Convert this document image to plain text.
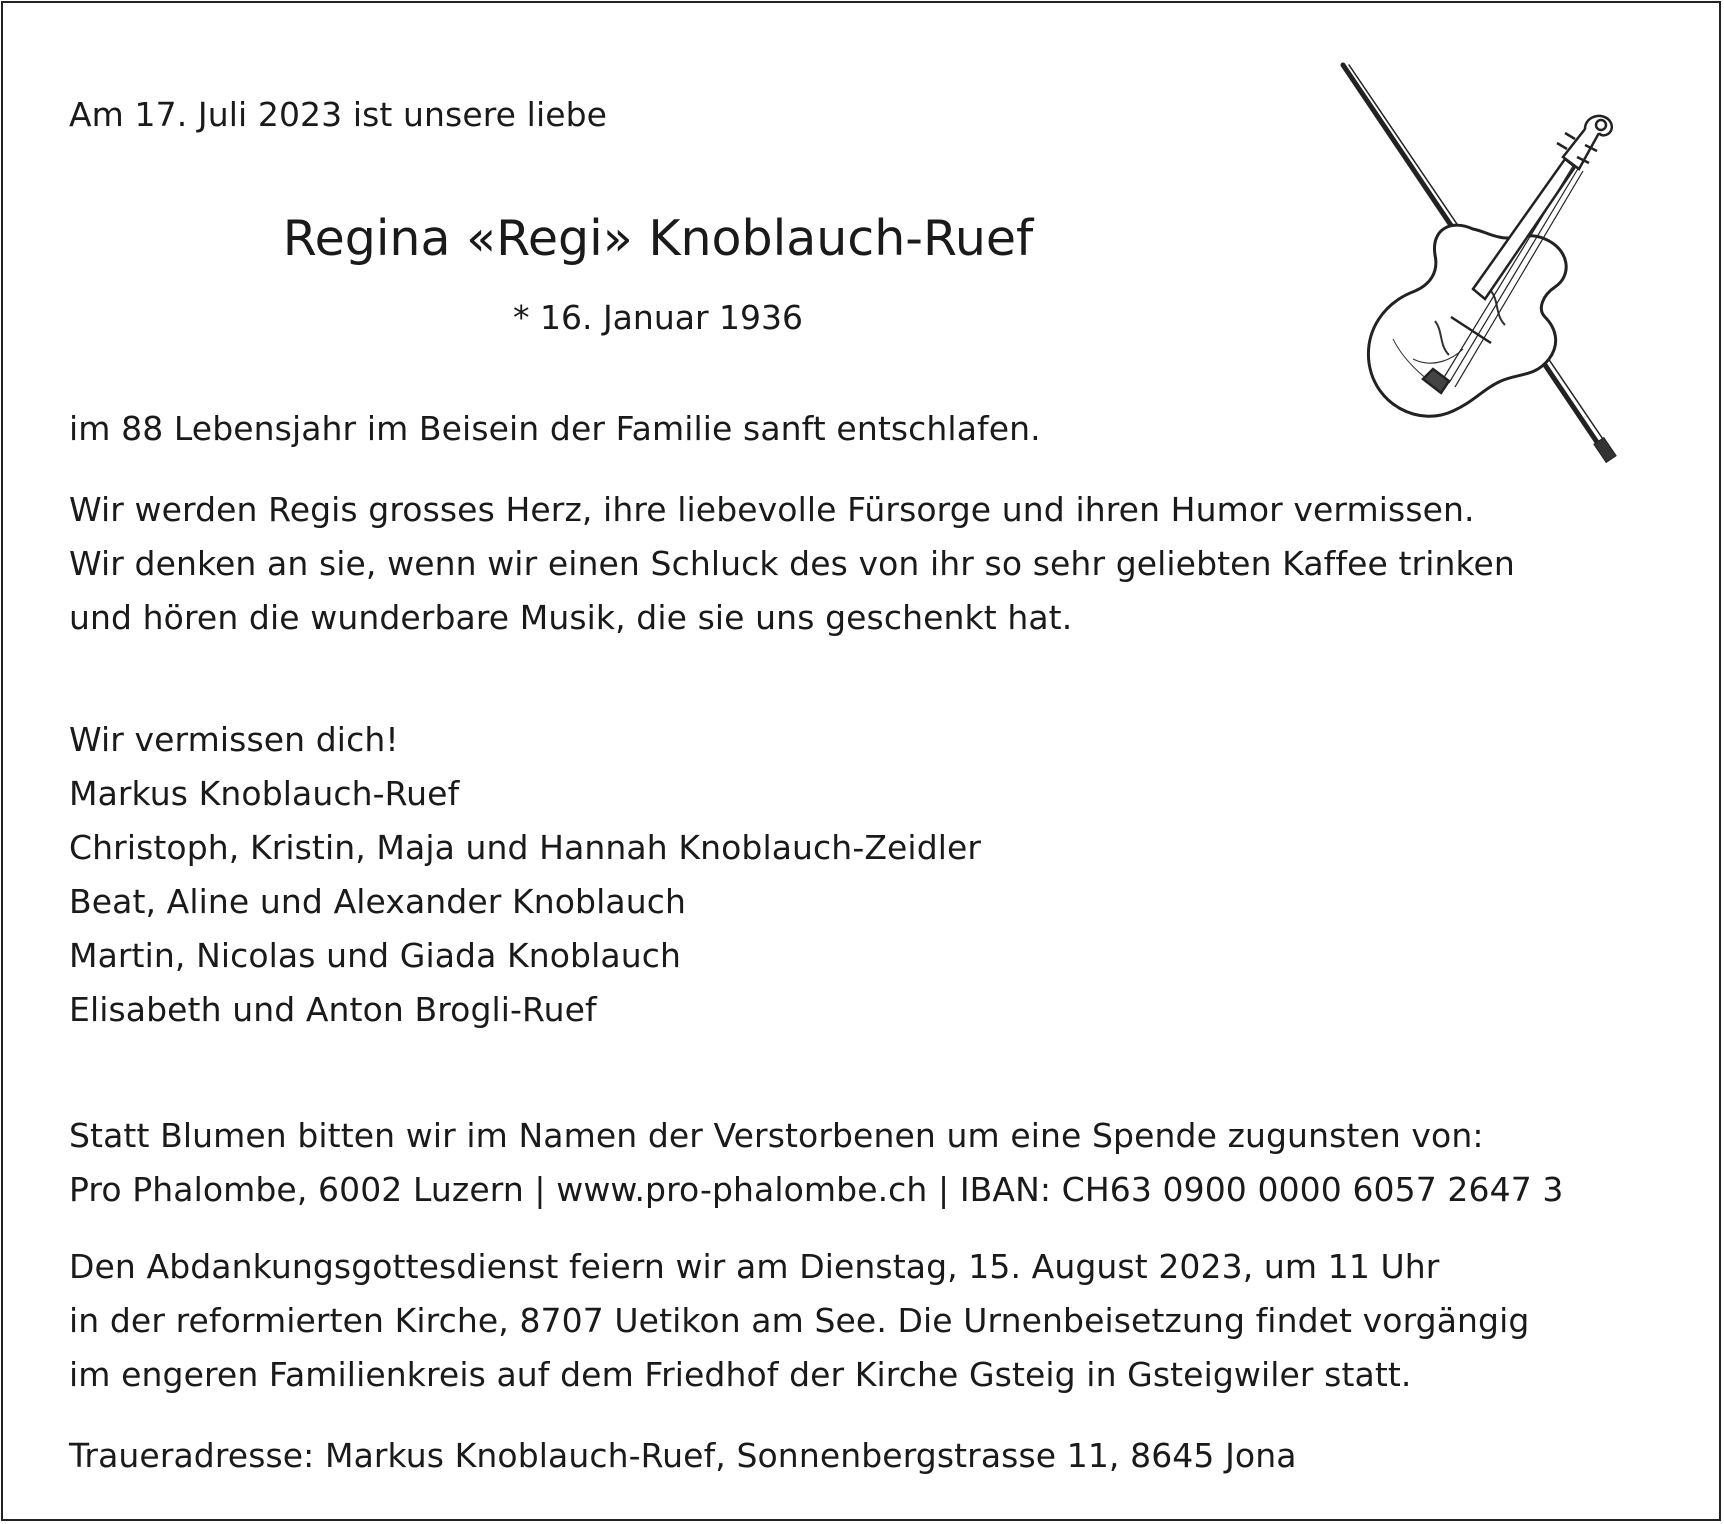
Am 17. Juli 2023 ist unsere liebe
Regina «Regi» Knoblauch-Ruef
* 16. Januar 1936
im 88 Lebensjahr im Beisein der Familie sanft entschlafen.
Wir werden Regis grosses Herz, ihre liebevolle Fürsorge und ihren Humor vermissen.
Wir denken an sie, wenn wir einen Schluck des von ihr so sehr geliebten Kaffee trinken
und hören die wunderbare Musik, die sie uns geschenkt hat.
Wir vermissen dich!
Markus Knoblauch-Ruef
Christoph, Kristin, Maja und Hannah Knoblauch-Zeidler
Beat, Aline und Alexander Knoblauch
Martin, Nicolas und Giada Knoblauch
Elisabeth und Anton Brogli-Ruef
Statt Blumen bitten wir im Namen der Verstorbenen um eine Spende zugunsten von:
Pro Phalombe, 6002 Luzern | www.pro-phalombe.ch | IBAN: CH63 0900 0000 6057 2647 3
Den Abdankungsgottesdienst feiern wir am Dienstag, 15. August 2023, um 11 Uhr
in der reformierten Kirche, 8707 Uetikon am See. Die Urnenbeisetzung findet vorgängig
im engeren Familienkreis auf dem Friedhof der Kirche Gsteig in Gsteigwiler statt.
Traueradresse: Markus Knoblauch-Ruef, Sonnenbergstrasse 11, 8645 Jona
